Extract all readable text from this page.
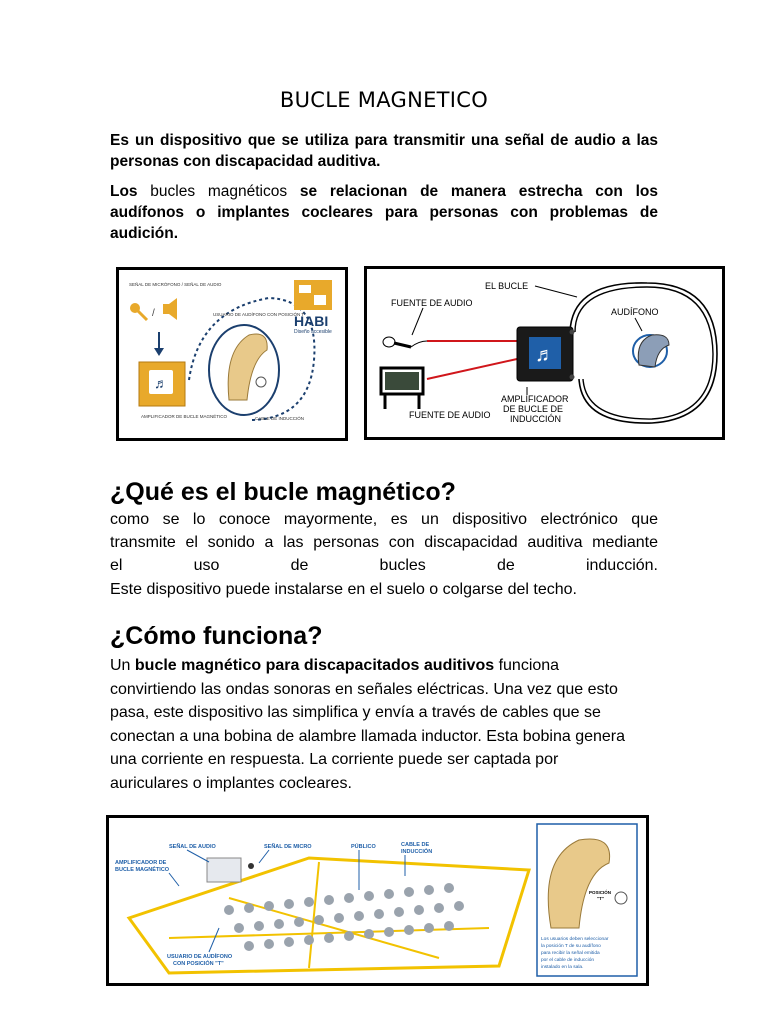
BUCLE MAGNETICO

Es un dispositivo que se utiliza para transmitir una señal de audio a las personas con discapacidad auditiva.

Los bucles magnéticos se relacionan de manera estrecha con los audífonos o implantes cocleares para personas con problemas de audición.

SEÑAL DE MICRÓFONO / SEÑAL DE AUDIO
/
♬
AMPLIFICADOR DE BUCLE MAGNÉTICO
USUARIO DE AUDÍFONO CON POSICIÓN T
CABLE DE INDUCCIÓN
HABI
Diseño accesible
EL BUCLE
FUENTE DE AUDIO
AUDÍFONO
FUENTE DE AUDIO
♬
AMPLIFICADOR
DE BUCLE DE
INDUCCIÓN
¿Qué es el bucle magnético?

como se lo conoce mayormente, es un dispositivo electrónico que

transmite el sonido a las personas con discapacidad auditiva mediante

el uso de bucles de inducción.

Este dispositivo puede instalarse en el suelo o colgarse del techo.

¿Cómo funciona?

Un bucle magnético para discapacitados auditivos funciona convirtiendo las ondas sonoras en señales eléctricas. Una vez que esto pasa, este dispositivo las simplifica y envía a través de cables que se conectan a una bobina de alambre llamada inductor. Esta bobina genera una corriente en respuesta. La corriente puede ser captada por auriculares o implantes cocleares.

SEÑAL DE AUDIO	SEÑAL DE MICRO	PÚBLICO	CABLE DE
INDUCCIÓN
AMPLIFICADOR DE
BUCLE MAGNÉTICO
USUARIO DE AUDÍFONO
CON POSICIÓN "T"
POSICIÓN
"T"
Los usuarios deben seleccionar
la posición T de su audífono
para recibir la señal emitida
por el cable de inducción
instalado en la sala.
